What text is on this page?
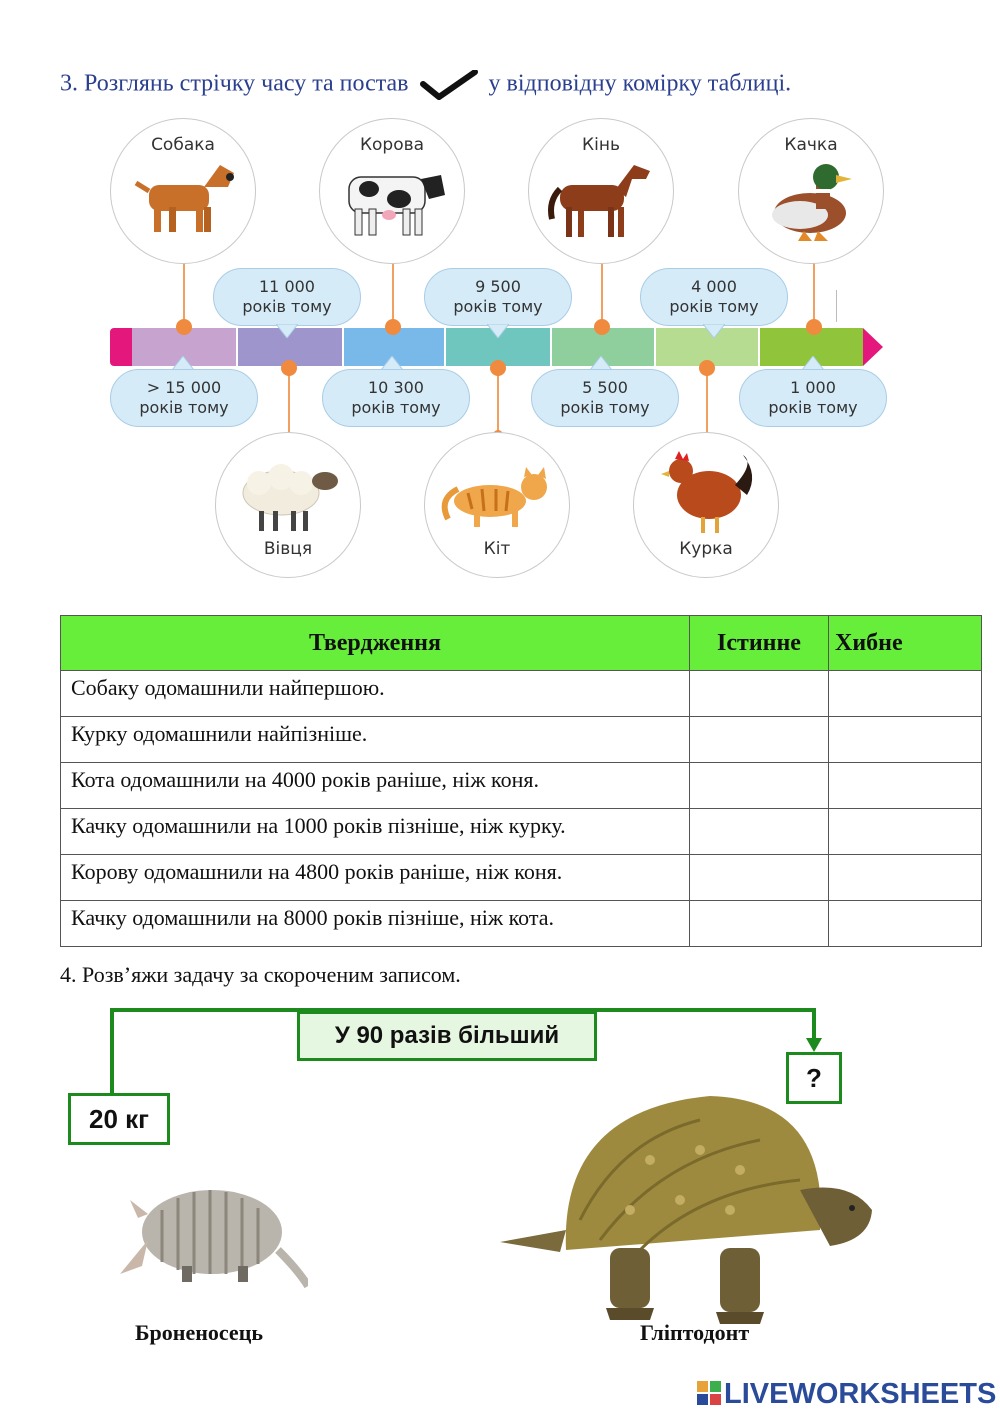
3. Розглянь стрічку часу та постав	у відповідну комірку таблиці.
Собака	Корова	Кінь	Качка
11 000
років тому
9 500
років тому
4 000
років тому
> 15 000
років тому
10 300
років тому
5 500
років тому
1 000
років тому
Вівця	Кіт	Курка
Твердження	Істинне	Хибне
Собаку одомашнили найпершою.		
Курку одомашнили найпізніше.		
Кота одомашнили на 4000 років раніше, ніж коня.		
Качку одомашнили на 1000 років пізніше, ніж курку.		
Корову одомашнили на 4800 років раніше, ніж коня.		
Качку одомашнили на 8000 років пізніше, ніж кота.		
4. Розв’яжи задачу за скороченим записом.
У 90 разів більший
?
20 кг
Броненосець	Гліптодонт
LIVEWORKSHEETS
